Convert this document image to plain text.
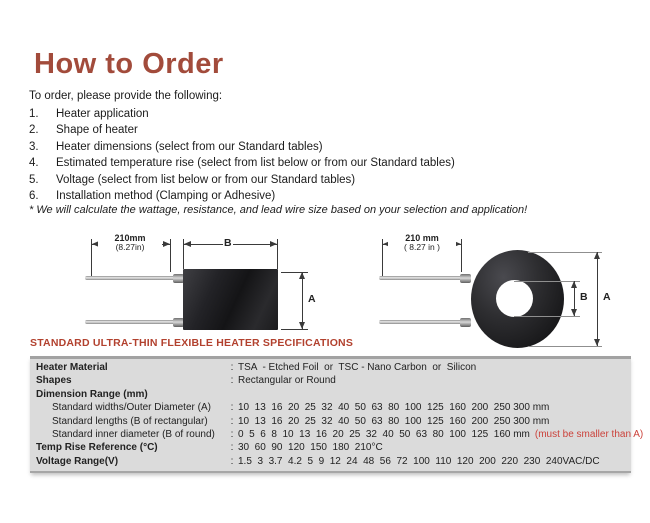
How to Order

To order, please provide the following:

1.	Heater application
2.	Shape of heater
3.	Heater dimensions (select from our Standard tables)
4.	Estimated temperature rise (select from list below or from our Standard tables)
5.	Voltage (select from list below or from our Standard tables)
6.	Installation method (Clamping or Adhesive)

* We will calculate the wattage, resistance, and lead wire size based on your selection and application!

210mm
(8.27in)	B
A
210 mm
( 8.27 in )
B A
STANDARD ULTRA-THIN FLEXIBLE HEATER SPECIFICATIONS
Heater Material	: TSA  - Etched Foil  or  TSC - Nano Carbon  or  Silicon
Shapes	: Rectangular or Round
Dimension Range (mm)
Standard widths/Outer Diameter (A)	: 10  13  16  20  25  32  40  50  63  80  100  125  160  200  250 300 mm
Standard lengths (B of rectangular)	: 10  13  16  20  25  32  40  50  63  80  100  125  160  200  250 300 mm
Standard inner diameter (B of round)	: 0  5  6  8  10  13  16  20  25  32  40  50  63  80  100  125  160 mm (must be smaller than A)
Temp Rise Reference (°C)	: 30  60  90  120  150  180  210°C
Voltage Range(V)	: 1.5  3  3.7  4.2  5  9  12  24  48  56  72  100  110  120  200  220  230  240VAC/DC
